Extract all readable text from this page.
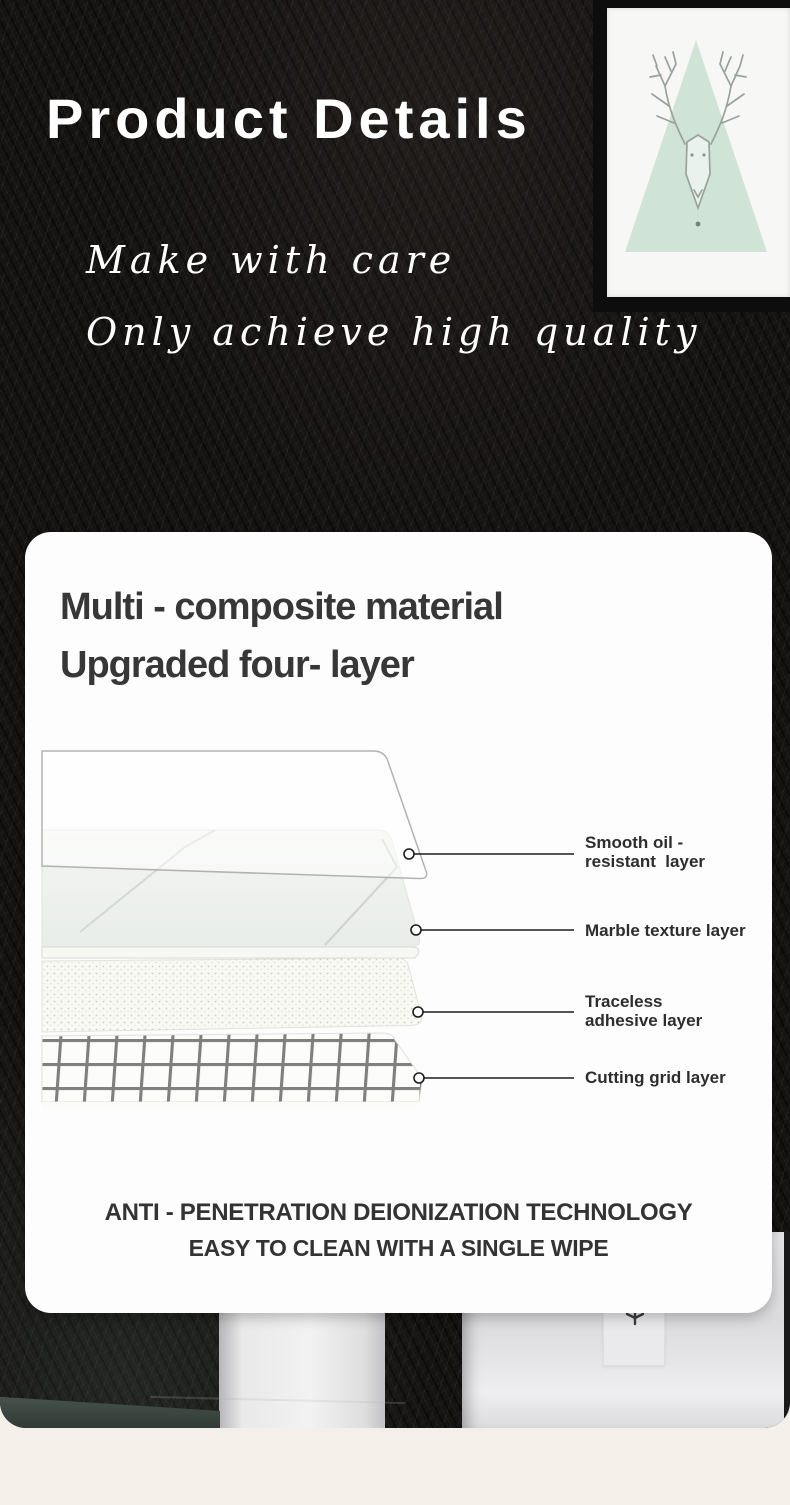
Product Details
Make with care
Only achieve high quality
Multi - composite material
Upgraded four- layer
Smooth oil -
resistant  layer
Marble texture layer
Traceless
adhesive layer
Cutting grid layer
ANTI - PENETRATION DEIONIZATION TECHNOLOGY
EASY TO CLEAN WITH A SINGLE WIPE
